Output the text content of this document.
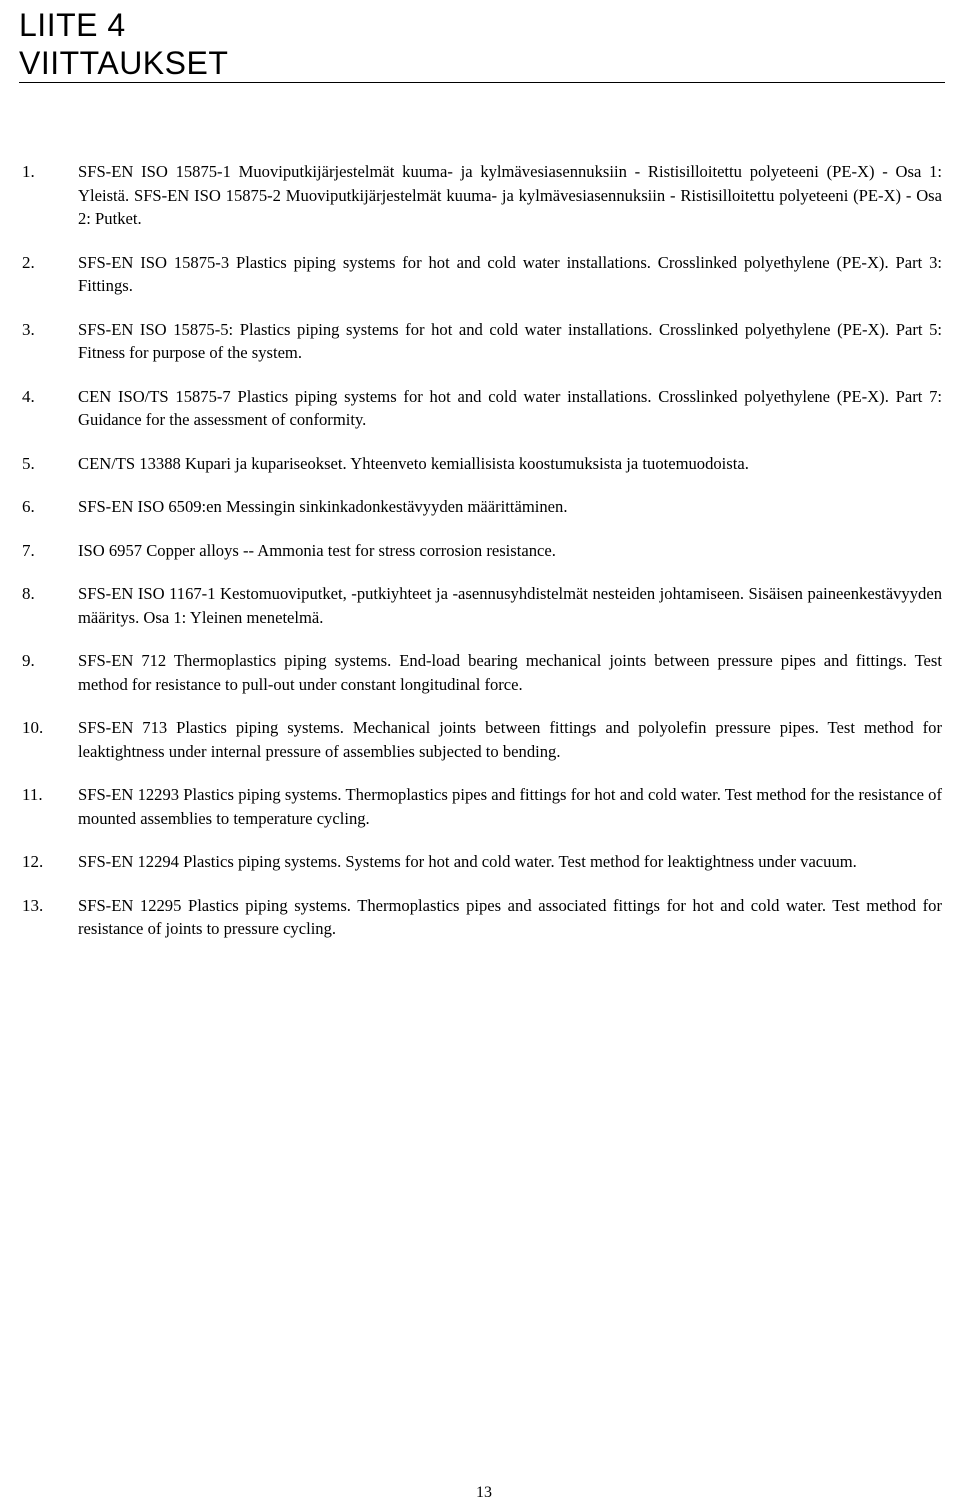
LIITE 4
VIITTAUKSET
1.	SFS-EN ISO 15875-1 Muoviputkijärjestelmät kuuma- ja kylmävesiasennuksiin - Ristisilloitettu polyeteeni (PE-X) - Osa 1: Yleistä. SFS-EN ISO 15875-2 Muoviputkijärjestelmät kuuma- ja kylmävesiasennuksiin - Ristisilloitettu polyeteeni (PE-X) - Osa 2: Putket.
2.	SFS-EN ISO 15875-3 Plastics piping systems for hot and cold water installations. Crosslinked polyethylene (PE-X). Part 3: Fittings.
3.	SFS-EN ISO 15875-5: Plastics piping systems for hot and cold water installations. Crosslinked polyethylene (PE-X). Part 5: Fitness for purpose of the system.
4.	CEN ISO/TS 15875-7 Plastics piping systems for hot and cold water installations. Crosslinked polyethylene (PE-X). Part 7: Guidance for the assessment of conformity.
5.	CEN/TS 13388 Kupari ja kupariseokset. Yhteenveto kemiallisista koostumuksista ja tuotemuodoista.
6.	SFS-EN ISO 6509:en Messingin sinkinkadonkestävyyden määrittäminen.
7.	ISO 6957 Copper alloys -- Ammonia test for stress corrosion resistance.
8.	SFS-EN ISO 1167-1 Kestomuoviputket, -putkiyhteet ja -asennusyhdistelmät nesteiden johtamiseen. Sisäisen paineenkestävyyden määritys. Osa 1: Yleinen menetelmä.
9.	SFS-EN 712 Thermoplastics piping systems. End-load bearing mechanical joints between pressure pipes and fittings. Test method for resistance to pull-out under constant longitudinal force.
10. SFS-EN 713 Plastics piping systems. Mechanical joints between fittings and polyolefin pressure pipes. Test method for leaktightness under internal pressure of assemblies subjected to bending.
11. SFS-EN 12293 Plastics piping systems. Thermoplastics pipes and fittings for hot and cold water. Test method for the resistance of mounted assemblies to temperature cycling.
12. SFS-EN 12294 Plastics piping systems. Systems for hot and cold water. Test method for leaktightness under vacuum.
13. SFS-EN 12295 Plastics piping systems. Thermoplastics pipes and associated fittings for hot and cold water. Test method for resistance of joints to pressure cycling.
13
